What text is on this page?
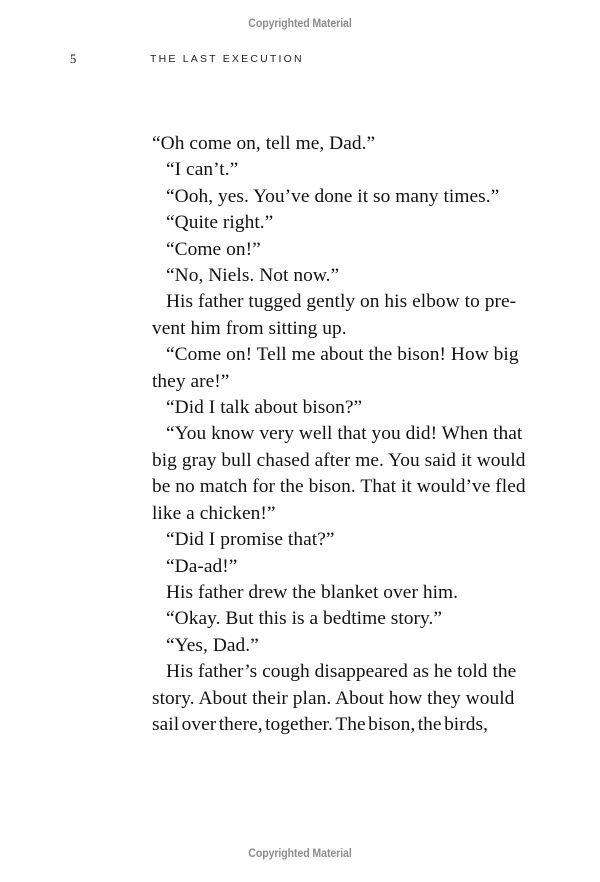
Copyrighted Material
5	THE LAST EXECUTION
“Oh come on, tell me, Dad.”
“I can’t.”
“Ooh, yes. You’ve done it so many times.”
“Quite right.”
“Come on!”
“No, Niels. Not now.”
His father tugged gently on his elbow to pre-
vent him from sitting up.
“Come on! Tell me about the bison! How big
they are!”
“Did I talk about bison?”
“You know very well that you did! When that
big gray bull chased after me. You said it would
be no match for the bison. That it would’ve fled
like a chicken!”
“Did I promise that?”
“Da-ad!”
His father drew the blanket over him.
“Okay. But this is a bedtime story.”
“Yes, Dad.”
His father’s cough disappeared as he told the
story. About their plan. About how they would
sail over there, together. The bison, the birds,
Copyrighted Material
